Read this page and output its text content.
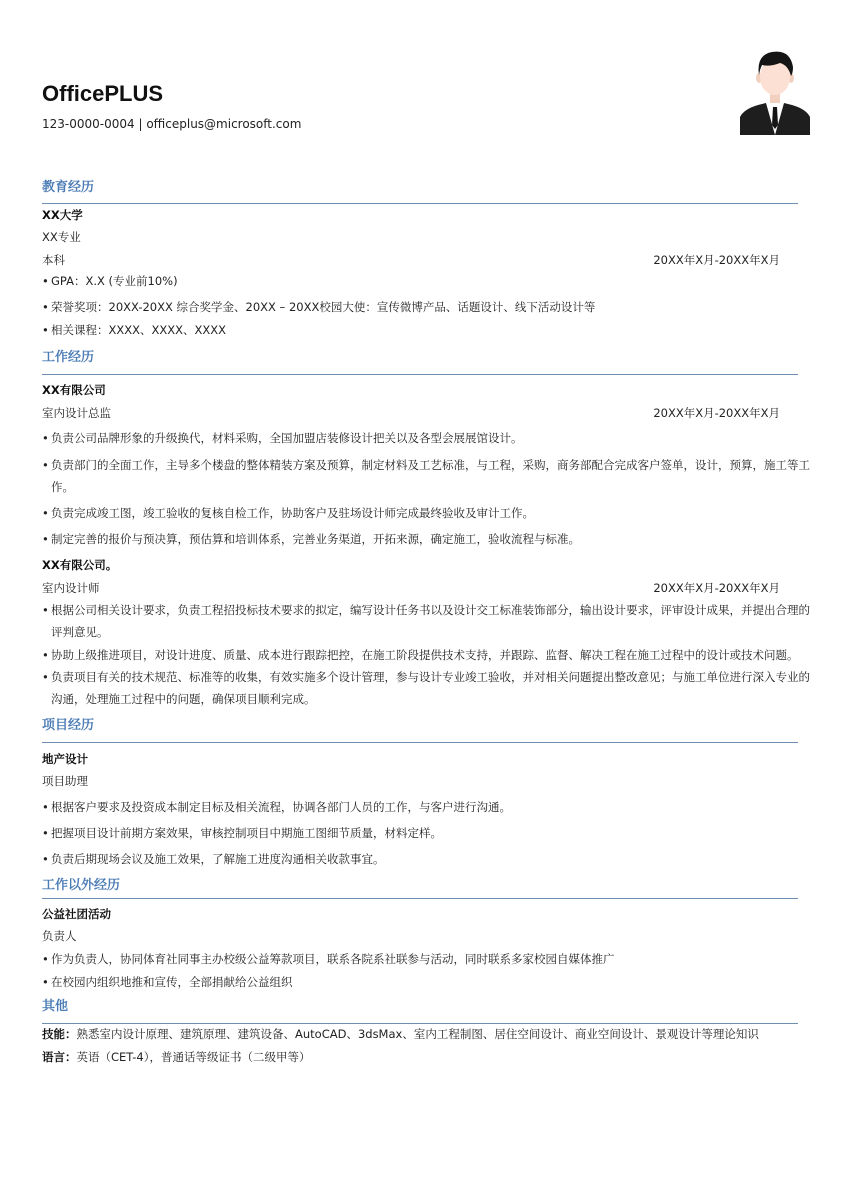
OfficePLUS
123-0000-0004 | officeplus@microsoft.com
教育经历
XX大学
XX专业
本科	20XX年X月-20XX年X月
• GPA：X.X (专业前10%)
• 荣誉奖项：20XX-20XX 综合奖学金、20XX – 20XX校园大使：宣传微博产品、话题设计、线下活动设计等
• 相关课程：XXXX、XXXX、XXXX
工作经历
XX有限公司
室内设计总监	20XX年X月-20XX年X月
• 负责公司品牌形象的升级换代，材料采购，全国加盟店装修设计把关以及各型会展展馆设计。
• 负责部门的全面工作，主导多个楼盘的整体精装方案及预算，制定材料及工艺标准，与工程，采购，商务部配合完成客户签单，设计，预算，施工等工作。
• 负责完成竣工图，竣工验收的复核自检工作，协助客户及驻场设计师完成最终验收及审计工作。
• 制定完善的报价与预决算，预估算和培训体系，完善业务渠道，开拓来源，确定施工，验收流程与标准。
XX有限公司。
室内设计师	20XX年X月-20XX年X月
• 根据公司相关设计要求，负责工程招投标技术要求的拟定，编写设计任务书以及设计交工标准装饰部分，输出设计要求，评审设计成果，并提出合理的评判意见。
• 协助上级推进项目，对设计进度、质量、成本进行跟踪把控，在施工阶段提供技术支持，并跟踪、监督、解决工程在施工过程中的设计或技术问题。
• 负责项目有关的技术规范、标准等的收集，有效实施多个设计管理，参与设计专业竣工验收，并对相关问题提出整改意见；与施工单位进行深入专业的沟通，处理施工过程中的问题，确保项目顺利完成。
项目经历
地产设计
项目助理
• 根据客户要求及投资成本制定目标及相关流程，协调各部门人员的工作，与客户进行沟通。
• 把握项目设计前期方案效果，审核控制项目中期施工图细节质量，材料定样。
• 负责后期现场会议及施工效果，了解施工进度沟通相关收款事宜。
工作以外经历
公益社团活动
负责人
• 作为负责人，协同体育社同事主办校级公益筹款项目，联系各院系社联参与活动，同时联系多家校园自媒体推广
• 在校园内组织地推和宣传，全部捐献给公益组织
其他
技能：熟悉室内设计原理、建筑原理、建筑设备、AutoCAD、3dsMax、室内工程制图、居住空间设计、商业空间设计、景观设计等理论知识
语言：英语（CET-4），普通话等级证书（二级甲等）
